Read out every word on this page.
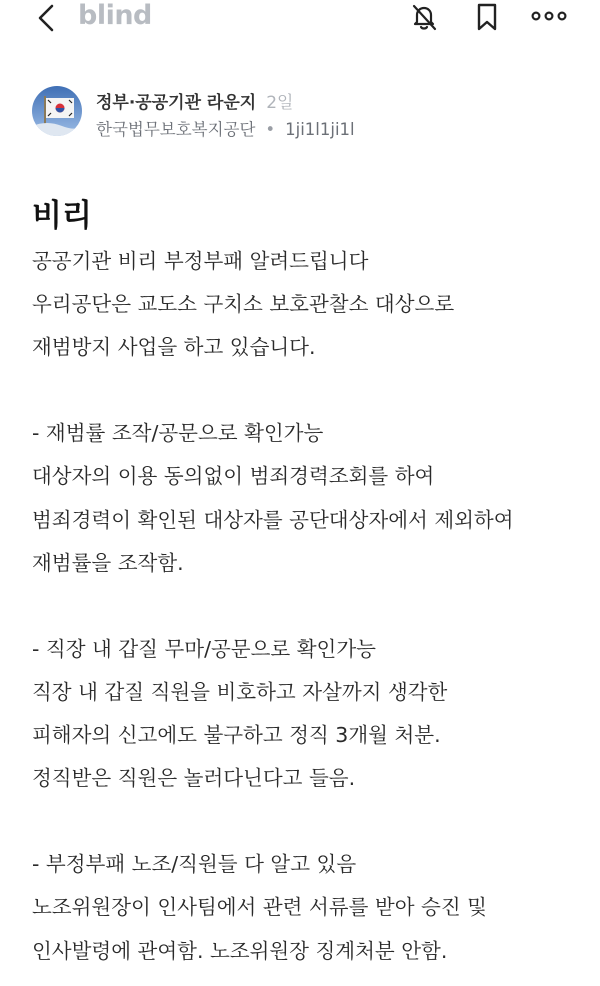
blind
정부·공공기관 라운지 2일
한국법무보호복지공단 • 1ji1l1ji1l
비리
공공기관 비리 부정부패 알려드립니다
우리공단은 교도소 구치소 보호관찰소 대상으로
재범방지 사업을 하고 있습니다.
- 재범률 조작/공문으로 확인가능
대상자의 이용 동의없이 범죄경력조회를 하여
범죄경력이 확인된 대상자를 공단대상자에서 제외하여
재범률을 조작함.
- 직장 내 갑질 무마/공문으로 확인가능
직장 내 갑질 직원을 비호하고 자살까지 생각한
피해자의 신고에도 불구하고 정직 3개월 처분.
정직받은 직원은 놀러다닌다고 들음.
- 부정부패 노조/직원들 다 알고 있음
노조위원장이 인사팀에서 관련 서류를 받아 승진 및
인사발령에 관여함. 노조위원장 징계처분 안함.
